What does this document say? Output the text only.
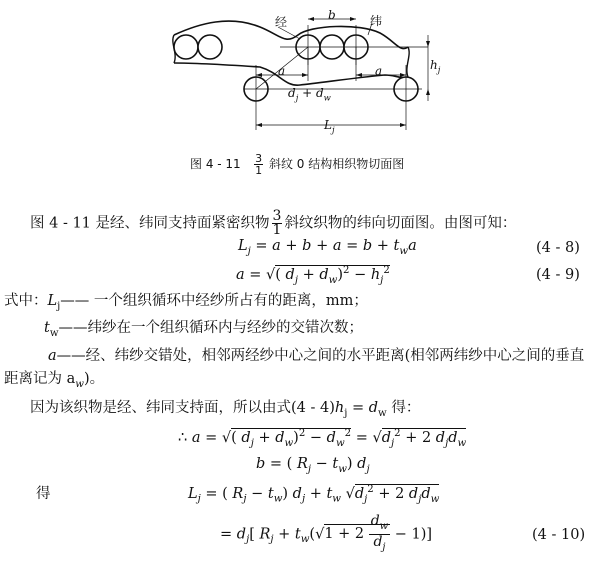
经	纬
b
a	a
$d_j + d_w$
$h_j$
$L_j$
图 $4 - 11 \frac{3}{1}$ 斜纹 0 结构相织物切面图
图 4 - 11 是经、纬同支持面紧密织物 $\frac{3}{1}$ 斜纹织物的纬向切面图。由图可知：
$L_j = a + b + a = b + t_wa$	(4 - 8)
a = √( $d_j + d_w)^2 - h_j^2$	(4 - 9)
式中：$L_j——$ 一个组织循环中经纱所占有的距离，mm；
$t_w——$纬纱在一个组织循环内与经纱的交错次数；
a——经、纬纱交错处，相邻两经纱中心之间的水平距离(相邻两纬纱中心之间的垂直
距离记为 $a_w$)。
因为该织物是经、纬同支持面，所以由式$(4 - 4)h_j = d_w$ 得：
∴ a = √( $d_j + d_w)^2 - d_w^2 = √d_j^2 + 2$ $d_jd_w$
b = ( $R_j - t_w$) $d_j$
得	$L_j$ = ( $R_j - t_w$) $d_j + t_w$ $√d_j^2 + 2$ $d_jd_w$
= $d_j$[ $R_j + t_w(√1 + 2 \frac{d_w}{d_j} - 1)$]	(4 - 10)
